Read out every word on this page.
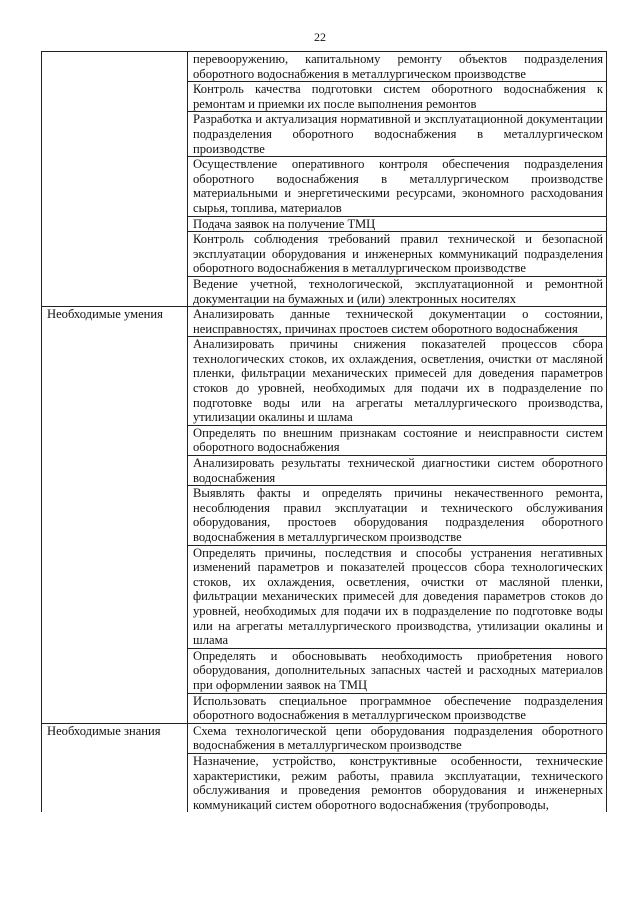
22
	перевооружению, капитальному ремонту объектов подразделения оборотного водоснабжения в металлургическом производстве
	Контроль качества подготовки систем оборотного водоснабжения к ремонтам и приемки их после выполнения ремонтов
	Разработка и актуализация нормативной и эксплуатационной документации подразделения оборотного водоснабжения в металлургическом производстве
	Осуществление оперативного контроля обеспечения подразделения оборотного водоснабжения в металлургическом производстве материальными и энергетическими ресурсами, экономного расходования сырья, топлива, материалов
	Подача заявок на получение ТМЦ
	Контроль соблюдения требований правил технической и безопасной эксплуатации оборудования и инженерных коммуникаций подразделения оборотного водоснабжения в металлургическом производстве
	Ведение учетной, технологической, эксплуатационной и ремонтной документации на бумажных и (или) электронных носителях
Необходимые умения	Анализировать данные технической документации о состоянии, неисправностях, причинах простоев систем оборотного водоснабжения
	Анализировать причины снижения показателей процессов сбора технологических стоков, их охлаждения, осветления, очистки от масляной пленки, фильтрации механических примесей для доведения параметров стоков до уровней, необходимых для подачи их в подразделение по подготовке воды или на агрегаты металлургического производства, утилизации окалины и шлама
	Определять по внешним признакам состояние и неисправности систем оборотного водоснабжения
	Анализировать результаты технической диагностики систем оборотного водоснабжения
	Выявлять факты и определять причины некачественного ремонта, несоблюдения правил эксплуатации и технического обслуживания оборудования, простоев оборудования подразделения оборотного водоснабжения в металлургическом производстве
	Определять причины, последствия и способы устранения негативных изменений параметров и показателей процессов сбора технологических стоков, их охлаждения, осветления, очистки от масляной пленки, фильтрации механических примесей для доведения параметров стоков до уровней, необходимых для подачи их в подразделение по подготовке воды или на агрегаты металлургического производства, утилизации окалины и шлама
	Определять и обосновывать необходимость приобретения нового оборудования, дополнительных запасных частей и расходных материалов при оформлении заявок на ТМЦ
	Использовать специальное программное обеспечение подразделения оборотного водоснабжения в металлургическом производстве
Необходимые знания	Схема технологической цепи оборудования подразделения оборотного водоснабжения в металлургическом производстве
	Назначение, устройство, конструктивные особенности, технические характеристики, режим работы, правила эксплуатации, технического обслуживания и проведения ремонтов оборудования и инженерных коммуникаций систем оборотного водоснабжения (трубопроводы,
